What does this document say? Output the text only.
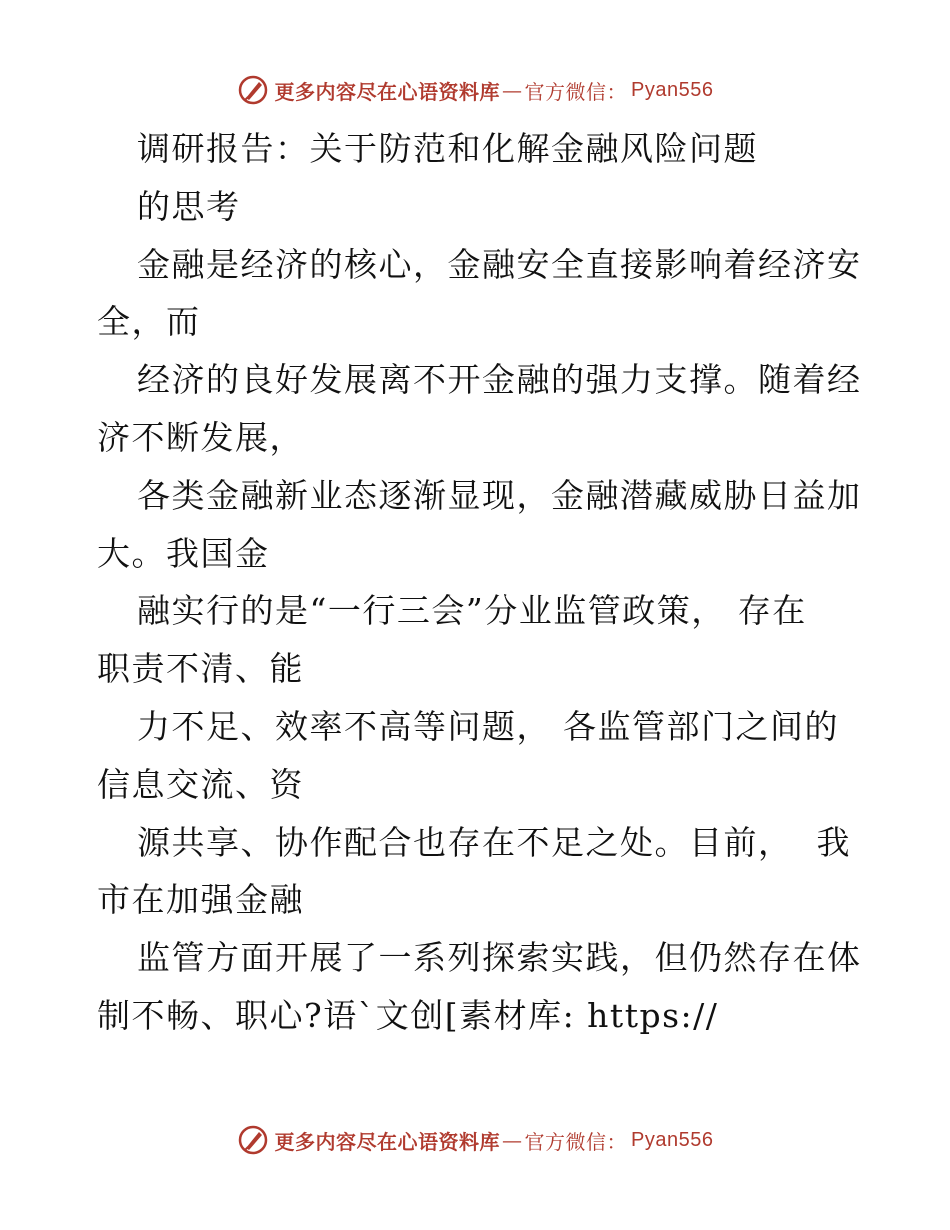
更多内容尽在心语资料库 — 官方微信： Pyan556
调研报告：关于防范和化解金融风险问题
的思考
金融是经济的核心，金融安全直接影响着经济安
全，而
经济的良好发展离不开金融的强力支撑。随着经
济不断发展，
各类金融新业态逐渐显现，金融潜藏威胁日益加
大。我国金
融实行的是“一行三会”分业监管政策， 存在
职责不清、能
力不足、效率不高等问题， 各监管部门之间的
信息交流、资
源共享、协作配合也存在不足之处。目前，  我
市在加强金融
监管方面开展了一系列探索实践，但仍然存在体
制不畅、职心?语`文创[素材库: https://
更多内容尽在心语资料库 — 官方微信： Pyan556
